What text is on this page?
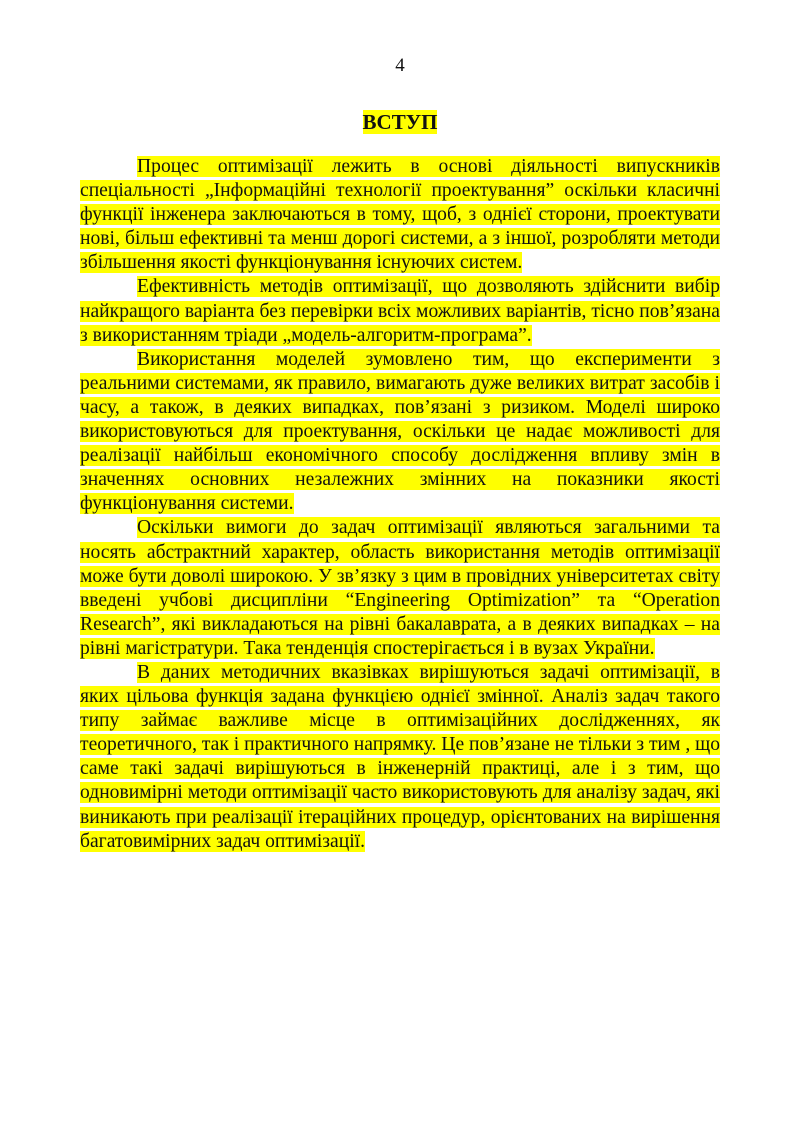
4
ВСТУП

Процес оптимізації лежить в основі діяльності випускників спеціальності „Інформаційні технології проектування” оскільки класичні функції інженера заключаються в тому, щоб, з однієї сторони, проектувати нові, більш ефективні та менш дорогі системи, а з іншої, розробляти методи збільшення якості функціонування існуючих систем.

Ефективність методів оптимізації, що дозволяють здійснити вибір найкращого варіанта без перевірки всіх можливих варіантів, тісно пов’язана з використанням тріади „модель-алгоритм-програма”.

Використання моделей зумовлено тим, що експерименти з реальними системами, як правило, вимагають дуже великих витрат засобів і часу, а також, в деяких випадках, пов’язані з ризиком. Моделі широко використовуються для проектування, оскільки це надає можливості для реалізації найбільш економічного способу дослідження впливу змін в значеннях основних незалежних змінних на показники якості функціонування системи.

Оскільки вимоги до задач оптимізації являються загальними та носять абстрактний характер, область використання методів оптимізації може бути доволі широкою. У зв’язку з цим в провідних університетах світу введені учбові дисципліни “Engineering Optimization” та “Operation Research”, які викладаються на рівні бакалаврата, а в деяких випадках – на рівні магістратури. Така тенденція спостерігається і в вузах України.

В даних методичних вказівках вирішуються задачі оптимізації, в яких цільова функція задана функцією однієї змінної. Аналіз задач такого типу займає важливе місце в оптимізаційних дослідженнях, як теоретичного, так і практичного напрямку. Це пов’язане не тільки з тим , що саме такі задачі вирішуються в інженерній практиці, але і з тим, що одновимірні методи оптимізації часто використовують для аналізу задач, які виникають при реалізації ітераційних процедур, орієнтованих на вирішення багатовимірних задач оптимізації.
